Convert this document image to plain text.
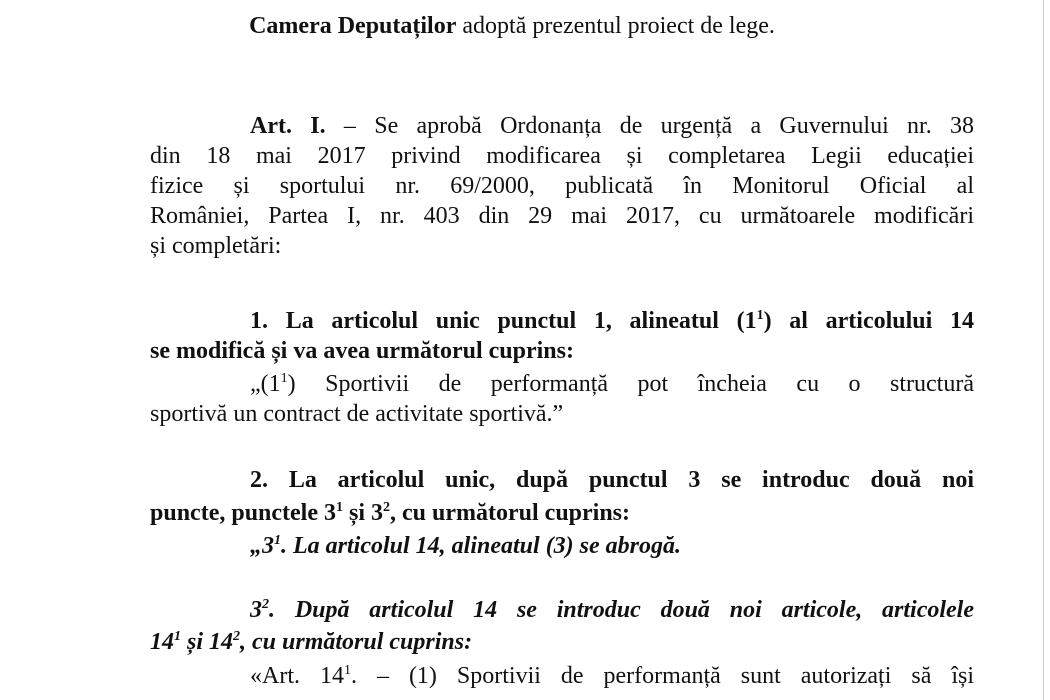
Camera Deputaților adoptă prezentul proiect de lege.
Art. I. – Se aprobă Ordonanța de urgență a Guvernului nr. 38
din 18 mai 2017 privind modificarea și completarea Legii educației
fizice și sportului nr. 69/2000, publicată în Monitorul Oficial al
României, Partea I, nr. 403 din 29 mai 2017, cu următoarele modificări
și completări:
1. La articolul unic punctul 1, alineatul $(1^1)$ al articolului 14
se modifică și va avea următorul cuprins:
$„(1^1)$ Sportivii de performanță pot încheia cu o structură
sportivă un contract de activitate sportivă.”
2. La articolul unic, după punctul 3 se introduc două noi
puncte, punctele $3^1$ și $3^2$, cu următorul cuprins:
$„3^1$. La articolul 14, alineatul (3) se abrogă.
$3^2$. După articolul 14 se introduc două noi articole, articolele
$14^1$ și $14^2$, cu următorul cuprins:
«Art. $14^1$. – (1) Sportivii de performanță sunt autorizați să își
